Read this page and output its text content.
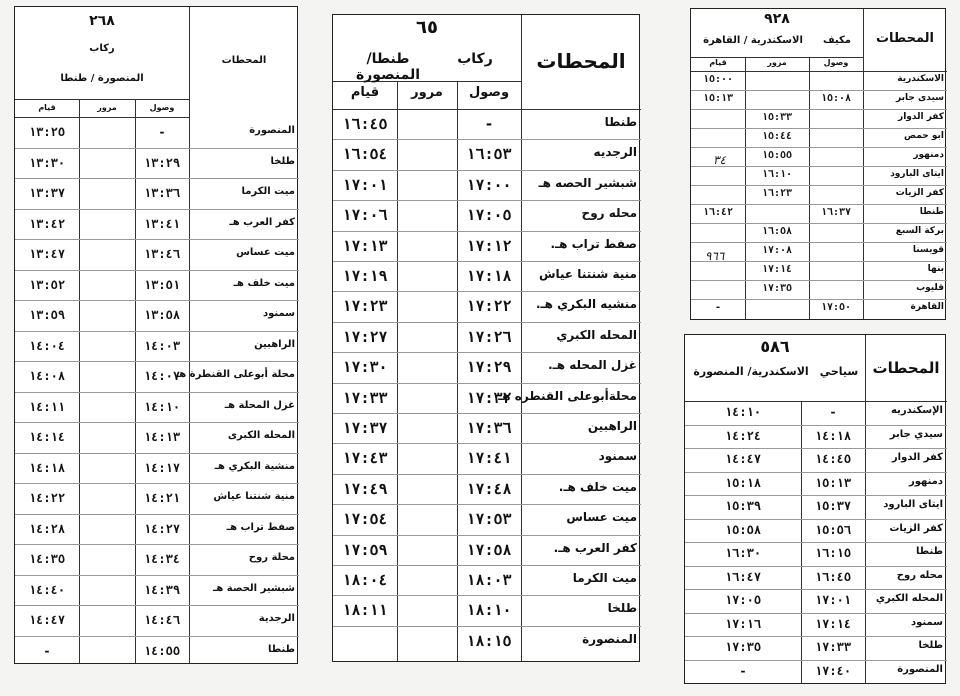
٢٦٨
ركاب
المنصورة / طنطا
المحطات
وصول
مرور
قيام
المنصورة
-
١٣:٢٥
طلخا
١٣:٢٩
١٣:٣٠
ميت الكرما
١٣:٣٦
١٣:٣٧
كفر العرب هـ
١٣:٤١
١٣:٤٢
ميت عساس
١٣:٤٦
١٣:٤٧
ميت خلف هـ
١٣:٥١
١٣:٥٢
سمنود
١٣:٥٨
١٣:٥٩
الراهبين
١٤:٠٣
١٤:٠٤
محلة أبوعلى القنطرة هـ
١٤:٠٧
١٤:٠٨
غزل المحلة هـ
١٤:١٠
١٤:١١
المحله الكبرى
١٤:١٣
١٤:١٤
منشية البكري هـ
١٤:١٧
١٤:١٨
منية شنتنا عياش
١٤:٢١
١٤:٢٢
صفط تراب هـ
١٤:٢٧
١٤:٢٨
محلة روح
١٤:٣٤
١٤:٣٥
شبشير الحصة هـ
١٤:٣٩
١٤:٤٠
الرجدية
١٤:٤٦
١٤:٤٧
طنطا
١٤:٥٥
-
٦٥
ركاب
طنطا/ المنصورة
المحطات
وصول
مرور
قيام
طنطا
-
١٦:٤٥
الرجديه
١٦:٥٣
١٦:٥٤
شبشير الحصه هـ
١٧:٠٠
١٧:٠١
محله روح
١٧:٠٥
١٧:٠٦
صفط تراب هـ.
١٧:١٢
١٧:١٣
منية شنتنا عياش
١٧:١٨
١٧:١٩
منشيه البكري هـ.
١٧:٢٢
١٧:٢٣
المحله الكبري
١٧:٢٦
١٧:٢٧
غزل المحله هـ.
١٧:٢٩
١٧:٣٠
محلةأبوعلى القنطره هـ
١٧:٣٢
١٧:٣٣
الراهبين
١٧:٣٦
١٧:٣٧
سمنود
١٧:٤١
١٧:٤٣
ميت خلف هـ.
١٧:٤٨
١٧:٤٩
ميت عساس
١٧:٥٣
١٧:٥٤
كفر العرب هـ.
١٧:٥٨
١٧:٥٩
ميت الكرما
١٨:٠٣
١٨:٠٤
طلخا
١٨:١٠
١٨:١١
المنصورة
١٨:١٥
٩٢٨
مكيف
الاسكندرية / القاهرة	المحطات
وصول
مرور
قيام
الاسكندرية
١٥:٠٠
سيدى جابر
١٥:٠٨
١٥:١٣
كفر الدوار
١٥:٣٣
ابو حمص
١٥:٤٤
دمنهور
١٥:٥٥
ايتاى البارود
١٦:١٠
كفر الزيات
١٦:٢٣
طنطا
١٦:٣٧
١٦:٤٢
بركة السبع
١٦:٥٨
قويسنا
١٧:٠٨
بنها
١٧:١٤
قليوب
١٧:٣٥
القاهرة
١٧:٥٠
-
٣٤
٩٦٦
٥٨٦
سياحي
الاسكندرية/ المنصورة	المحطات
الإسكندريه
-
١٤:١٠
سيدي جابر
١٤:١٨
١٤:٢٤
كفر الدوار
١٤:٤٥
١٤:٤٧
دمنهور
١٥:١٣
١٥:١٨
ايتاى البارود
١٥:٣٧
١٥:٣٩
كفر الزيات
١٥:٥٦
١٥:٥٨
طنطا
١٦:١٥
١٦:٣٠
محله روح
١٦:٤٥
١٦:٤٧
المحله الكبري
١٧:٠١
١٧:٠٥
سمنود
١٧:١٤
١٧:١٦
طلخا
١٧:٣٣
١٧:٣٥
المنصورة
١٧:٤٠
-
